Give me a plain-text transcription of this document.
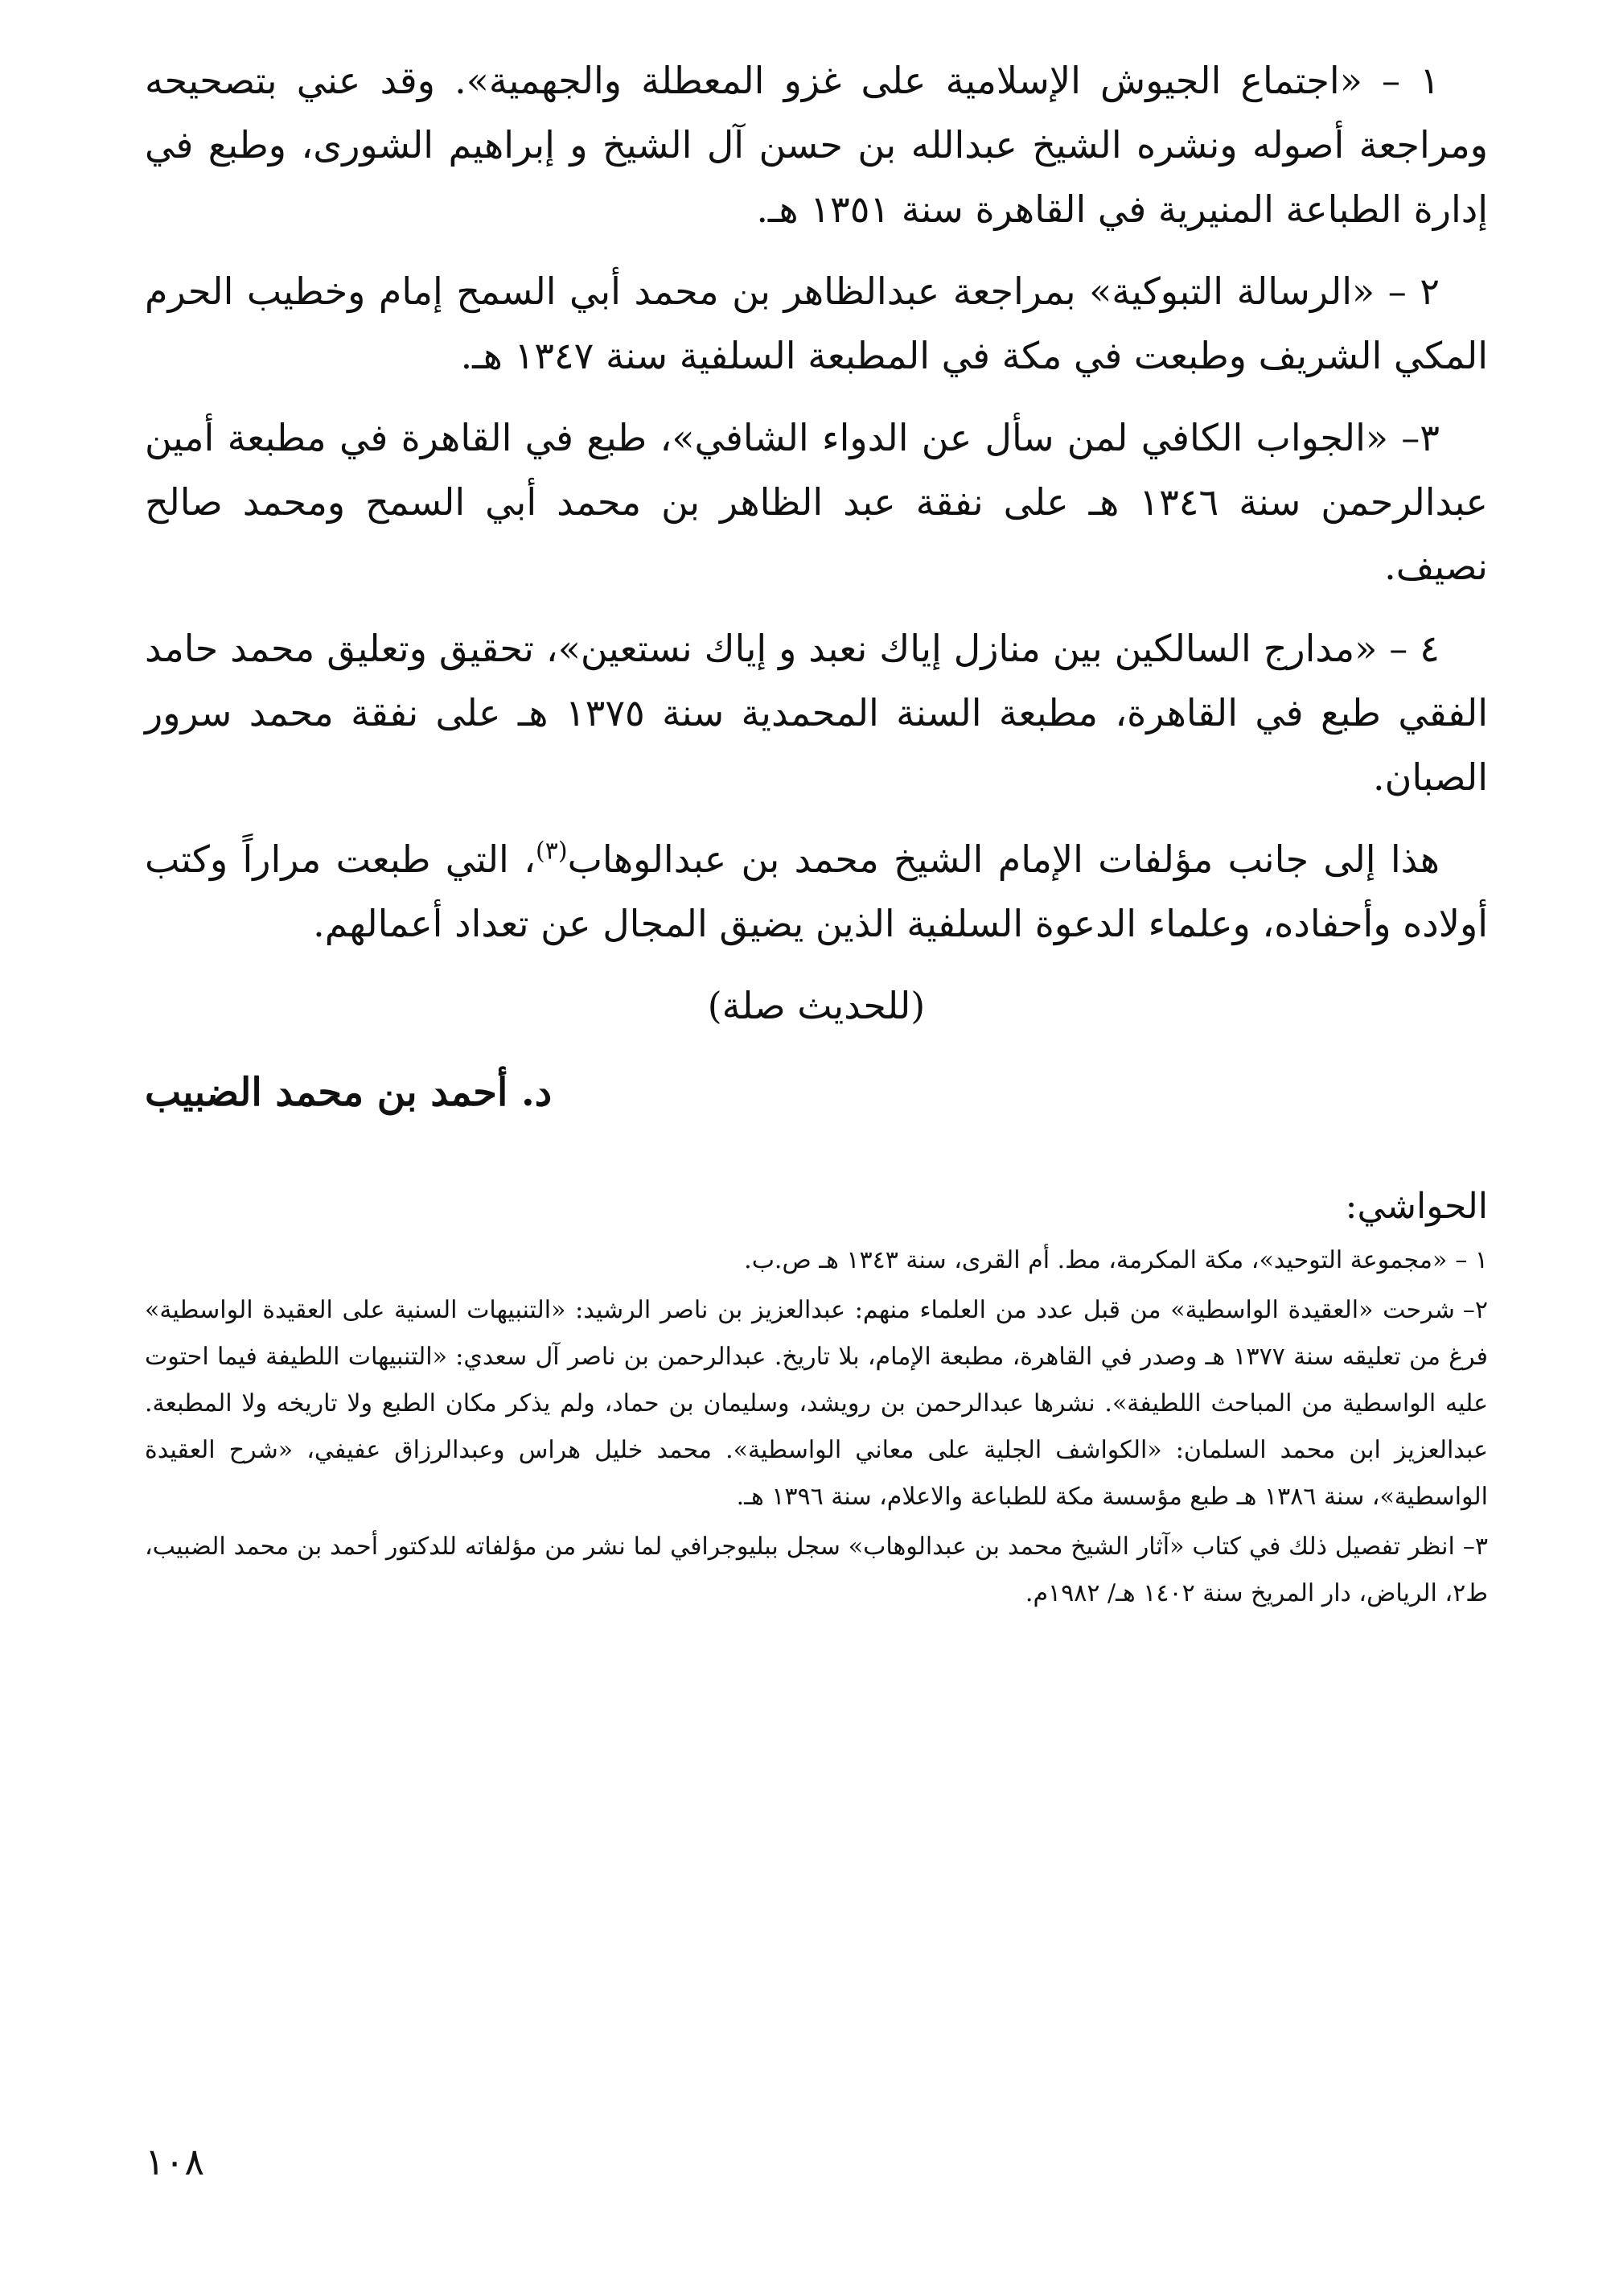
١ – «اجتماع الجيوش الإسلامية على غزو المعطلة والجهمية». وقد عني بتصحيحه ومراجعة أصوله ونشره الشيخ عبدالله بن حسن آل الشيخ و إبراهيم الشورى، وطبع في إدارة الطباعة المنيرية في القاهرة سنة ١٣٥١ هـ.

٢ – «الرسالة التبوكية» بمراجعة عبدالظاهر بن محمد أبي السمح إمام وخطيب الحرم المكي الشريف وطبعت في مكة في المطبعة السلفية سنة ١٣٤٧ هـ.

٣– «الجواب الكافي لمن سأل عن الدواء الشافي»، طبع في القاهرة في مطبعة أمين عبدالرحمن سنة ١٣٤٦ هـ على نفقة عبد الظاهر بن محمد أبي السمح ومحمد صالح نصيف.

٤ – «مدارج السالكين بين منازل إياك نعبد و إياك نستعين»، تحقيق وتعليق محمد حامد الفقي طبع في القاهرة، مطبعة السنة المحمدية سنة ١٣٧٥ هـ على نفقة محمد سرور الصبان.

هذا إلى جانب مؤلفات الإمام الشيخ محمد بن عبدالوهاب$^{(٣)}$، التي طبعت مراراً وكتب أولاده وأحفاده، وعلماء الدعوة السلفية الذين يضيق المجال عن تعداد أعمالهم.

(للحديث صلة)
د. أحمد بن محمد الضبيب
الحواشي:

١ –«مجموعة التوحيد»، مكة المكرمة، مط. أم القرى، سنة ١٣٤٣ هـ ص.ب.

٢–شرحت «العقيدة الواسطية» من قبل عدد من العلماء منهم: عبدالعزيز بن ناصر الرشيد: «التنبيهات السنية على العقيدة الواسطية» فرغ من تعليقه سنة ١٣٧٧ هـ وصدر في القاهرة، مطبعة الإمام، بلا تاريخ. عبدالرحمن بن ناصر آل سعدي: «التنبيهات اللطيفة فيما احتوت عليه الواسطية من المباحث اللطيفة». نشرها عبدالرحمن بن رويشد، وسليمان بن حماد، ولم يذكر مكان الطبع ولا تاريخه ولا المطبعة. عبدالعزيز ابن محمد السلمان: «الكواشف الجلية على معاني الواسطية». محمد خليل هراس وعبدالرزاق عفيفي، «شرح العقيدة الواسطية»، سنة ١٣٨٦ هـ طبع مؤسسة مكة للطباعة والاعلام، سنة ١٣٩٦ هـ.

٣–انظر تفصيل ذلك في كتاب «آثار الشيخ محمد بن عبدالوهاب» سجل ببليوجرافي لما نشر من مؤلفاته للدكتور أحمد بن محمد الضبيب، ط٢، الرياض، دار المريخ سنة ١٤٠٢ هـ/ ١٩٨٢م.

١٠٨
